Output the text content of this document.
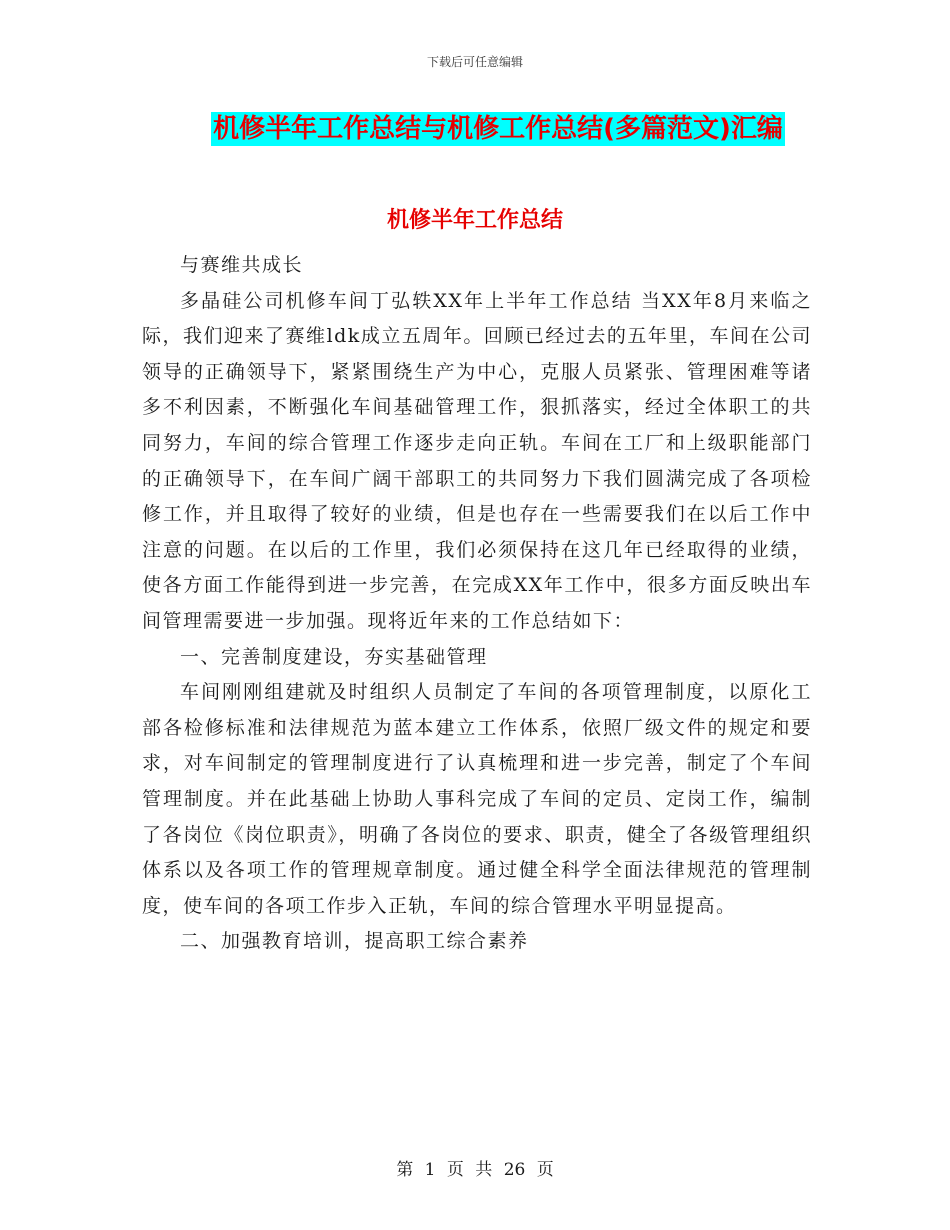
下载后可任意编辑
机修半年工作总结与机修工作总结(多篇范文)汇编
机修半年工作总结

与赛维共成长

多晶硅公司机修车间丁弘轶XX年上半年工作总结 当XX年8月来临之际，我们迎来了赛维ldk成立五周年。回顾已经过去的五年里，车间在公司领导的正确领导下，紧紧围绕生产为中心，克服人员紧张、管理困难等诸多不利因素，不断强化车间基础管理工作，狠抓落实，经过全体职工的共同努力，车间的综合管理工作逐步走向正轨。车间在工厂和上级职能部门的正确领导下，在车间广阔干部职工的共同努力下我们圆满完成了各项检修工作，并且取得了较好的业绩，但是也存在一些需要我们在以后工作中注意的问题。在以后的工作里，我们必须保持在这几年已经取得的业绩，使各方面工作能得到进一步完善，在完成XX年工作中，很多方面反映出车间管理需要进一步加强。现将近年来的工作总结如下：

一、完善制度建设，夯实基础管理

车间刚刚组建就及时组织人员制定了车间的各项管理制度，以原化工部各检修标准和法律规范为蓝本建立工作体系，依照厂级文件的规定和要求，对车间制定的管理制度进行了认真梳理和进一步完善，制定了个车间管理制度。并在此基础上协助人事科完成了车间的定员、定岗工作，编制了各岗位《岗位职责》，明确了各岗位的要求、职责，健全了各级管理组织体系以及各项工作的管理规章制度。通过健全科学全面法律规范的管理制度，使车间的各项工作步入正轨，车间的综合管理水平明显提高。

二、加强教育培训，提高职工综合素养

第 1 页 共 26 页
